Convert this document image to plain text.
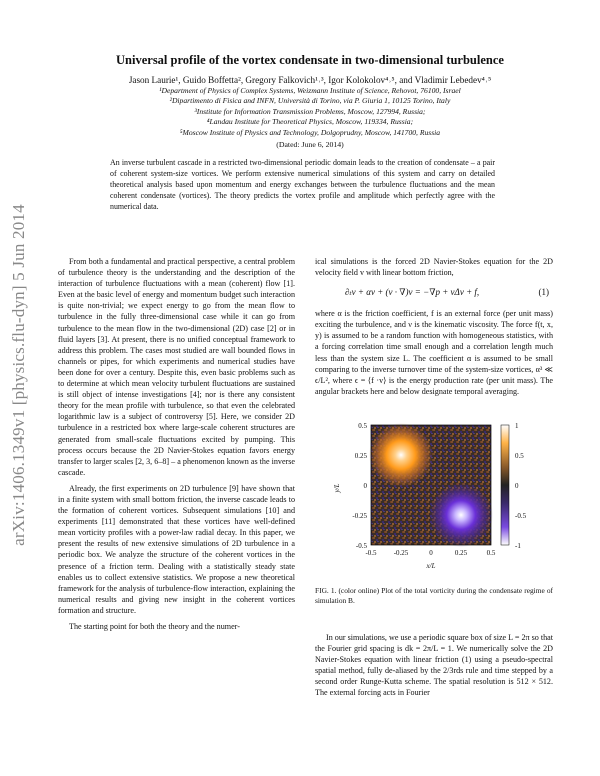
arXiv:1406.1349v1 [physics.flu-dyn] 5 Jun 2014
Universal profile of the vortex condensate in two-dimensional turbulence
Jason Laurie¹, Guido Boffetta², Gregory Falkovich¹˒³, Igor Kolokolov⁴˒⁵, and Vladimir Lebedev⁴˒⁵
¹Department of Physics of Complex Systems, Weizmann Institute of Science, Rehovot, 76100, Israel
²Dipartimento di Fisica and INFN, Università di Torino, via P. Giuria 1, 10125 Torino, Italy
³Institute for Information Transmission Problems, Moscow, 127994, Russia;
⁴Landau Institute for Theoretical Physics, Moscow, 119334, Russia;
⁵Moscow Institute of Physics and Technology, Dolgoprudny, Moscow, 141700, Russia
(Dated: June 6, 2014)
An inverse turbulent cascade in a restricted two-dimensional periodic domain leads to the creation of condensate – a pair of coherent system-size vortices. We perform extensive numerical simulations of this system and carry on detailed theoretical analysis based upon momentum and energy exchanges between the turbulence fluctuations and the mean coherent condensate (vortices). The theory predicts the vortex profile and amplitude which perfectly agree with the numerical data.

From both a fundamental and practical perspective, a central problem of turbulence theory is the understanding and the description of the interaction of turbulence fluctuations with a mean (coherent) flow [1]. Even at the basic level of energy and momentum budget such interaction is quite non-trivial; we expect energy to go from the mean flow to turbulence in the fully three-dimensional case while it can go from turbulence to the mean flow in the two-dimensional (2D) case [2] or in fluid layers [3]. At present, there is no unified conceptual framework to address this problem. The cases most studied are wall bounded flows in channels or pipes, for which experiments and numerical studies have been done for over a century. Despite this, even basic problems such as to determine at which mean velocity turbulent fluctuations are sustained is still object of intense investigations [4]; nor is there any consistent theory for the mean profile with turbulence, so that even the celebrated logarithmic law is a subject of controversy [5]. Here, we consider 2D turbulence in a restricted box where large-scale coherent structures are generated from small-scale fluctuations excited by pumping. This process occurs because the 2D Navier-Stokes equation favors energy transfer to larger scales [2, 3, 6–8] – a phenomenon known as the inverse cascade.

Already, the first experiments on 2D turbulence [9] have shown that in a finite system with small bottom friction, the inverse cascade leads to the formation of coherent vortices. Subsequent simulations [10] and experiments [11] demonstrated that these vortices have well-defined mean vorticity profiles with a power-law radial decay. In this paper, we present the results of new extensive simulations of 2D turbulence in a periodic box. We analyze the structure of the coherent vortices in the presence of a friction term. Dealing with a statistically steady state enables us to collect extensive statistics. We propose a new theoretical framework for the analysis of turbulence-flow interaction, explaining the numerical results and giving new insight in the coherent vortices formation and structure.

The starting point for both the theory and the numer-

ical simulations is the forced 2D Navier-Stokes equation for the 2D velocity field v with linear bottom friction,

∂ₜv + αv + (v · ∇)v = −∇p + νΔv + f,	(1)

where α is the friction coefficient, f is an external force (per unit mass) exciting the turbulence, and ν is the kinematic viscosity. The force f(t, x, y) is assumed to be a random function with homogeneous statistics, with a forcing correlation time small enough and a correlation length much less than the system size L. The coefficient α is assumed to be small comparing to the inverse turnover time of the system-size vortices, α³ ≪ ϵ/L², where ϵ = ⟨f ·v⟩ is the energy production rate (per unit mass). The angular brackets here and below designate temporal averaging.

1
0.5
0
-0.5
-1
0.5
0.25
0
-0.25
-0.5
-0.5 -0.25	0	0.25	0.5
x/L
y/L
FIG. 1. (color online) Plot of the total vorticity during the condensate regime of simulation B.

In our simulations, we use a periodic square box of size L = 2π so that the Fourier grid spacing is dk = 2π/L = 1. We numerically solve the 2D Navier-Stokes equation with linear friction (1) using a pseudo-spectral spatial method, fully de-aliased by the 2/3rds rule and time stepped by a second order Runge-Kutta scheme. The spatial resolution is 512 × 512. The external forcing acts in Fourier
